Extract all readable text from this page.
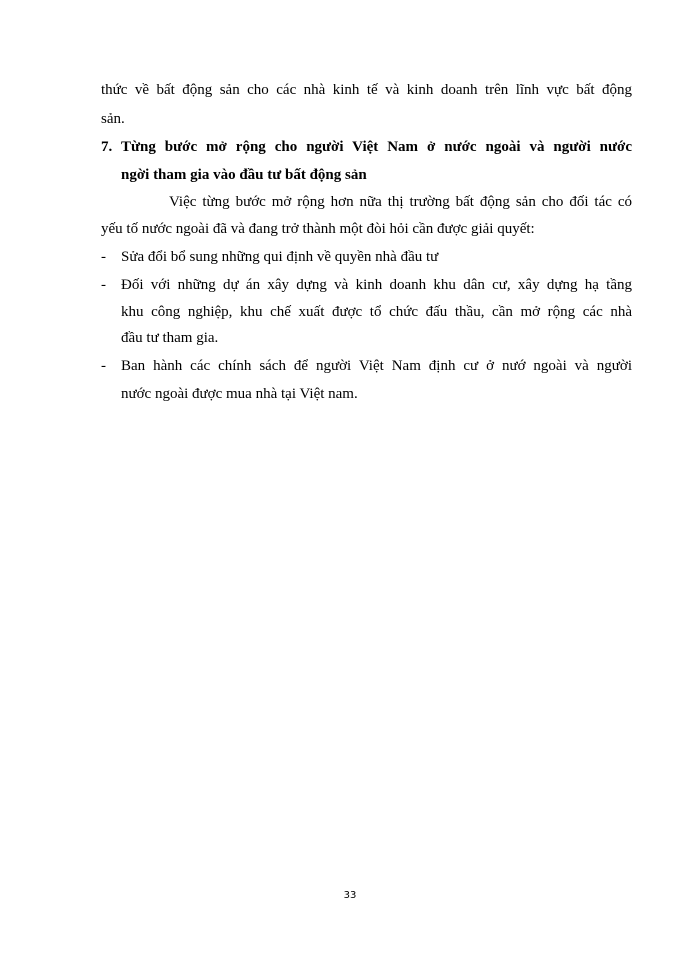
thức về bất động sản cho các nhà kinh tế và kinh doanh trên lĩnh vực bất động
sản.
7. Từng bước mở rộng cho người Việt Nam ở nước ngoài và người nước
ngời tham gia vào đầu tư bất động sản
Việc từng bước mở rộng hơn nữa thị trường bất động sản cho đối tác có
yếu tố nước ngoài đã và đang trở thành một đòi hỏi cần được giải quyết:
- Sửa đổi bổ sung những qui định về quyền nhà đầu tư
- Đối với những dự án xây dựng và kinh doanh khu dân cư, xây dựng hạ tầng
khu công nghiệp, khu chế xuất được tổ chức đấu thầu, cần mở rộng các nhà
đầu tư tham gia.
- Ban hành các chính sách để người Việt Nam định cư ở nướ ngoài và người
nước ngoài được mua nhà tại Việt nam.
33
